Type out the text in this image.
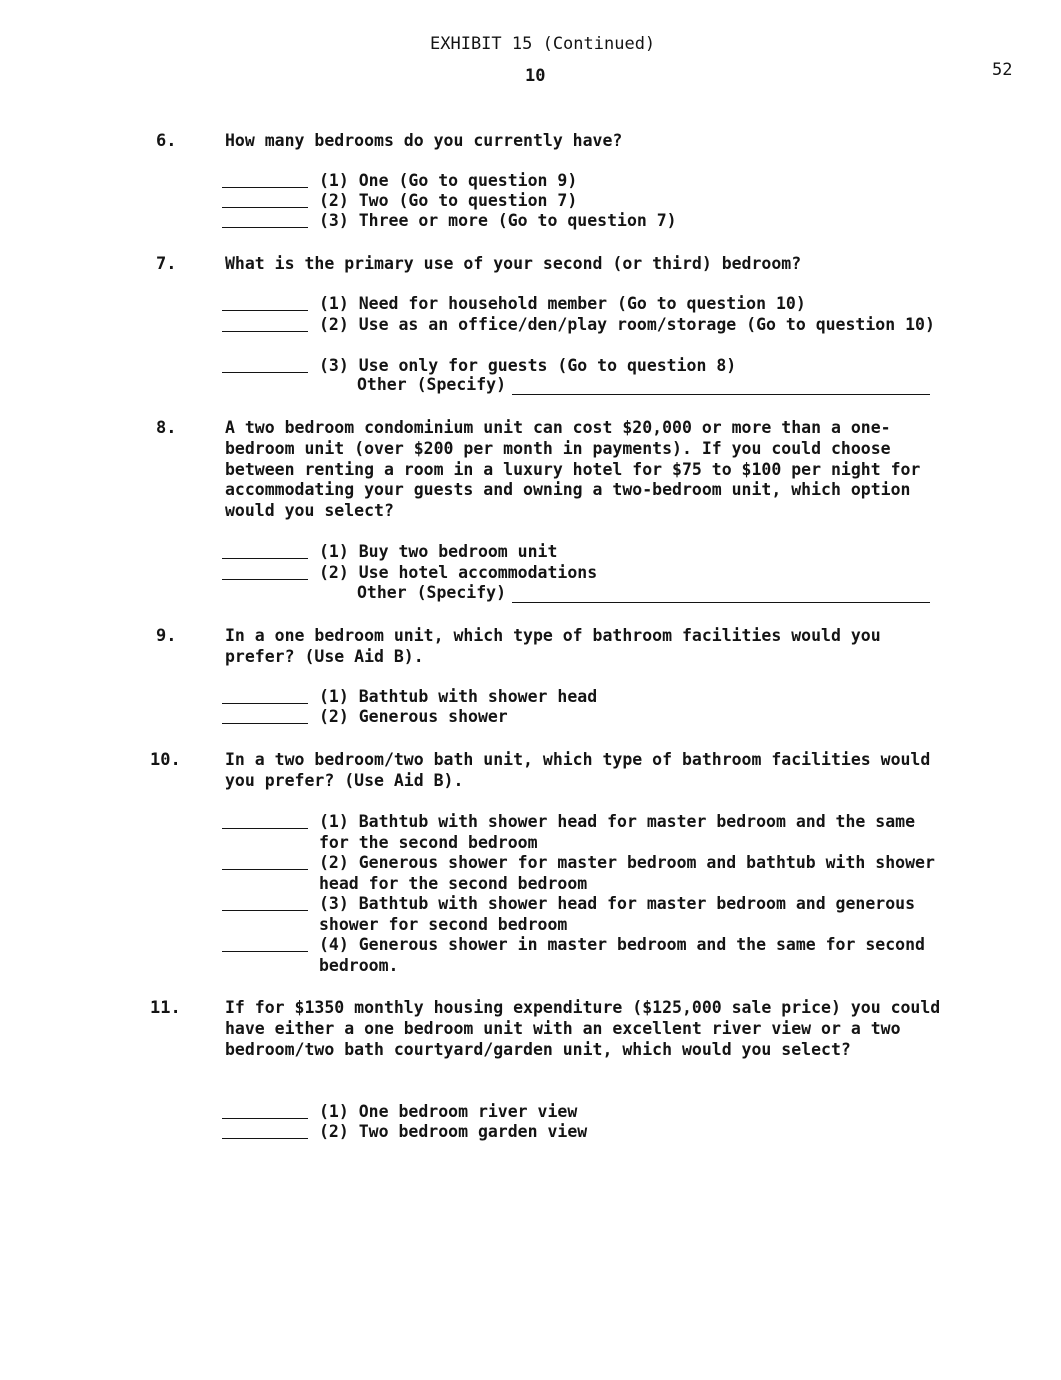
EXHIBIT 15 (Continued)
10	52
6.	How many bedrooms do you currently have?
(1) One (Go to question 9)
(2) Two (Go to question 7)
(3) Three or more (Go to question 7)
7.	What is the primary use of your second (or third) bedroom?
(1) Need for household member (Go to question 10)
(2) Use as an office/den/play room/storage (Go to question 10)
(3) Use only for guests (Go to question 8)
Other (Specify)
8.	A two bedroom condominium unit can cost $20,000 or more than a one-bedroom unit (over $200 per month in payments). If you could choose between renting a room in a luxury hotel for $75 to $100 per night for accommodating your guests and owning a two-bedroom unit, which option would you select?
(1) Buy two bedroom unit
(2) Use hotel accommodations
Other (Specify)
9.	In a one bedroom unit, which type of bathroom facilities would you prefer? (Use Aid B).
(1) Bathtub with shower head
(2) Generous shower
10.	In a two bedroom/two bath unit, which type of bathroom facilities would you prefer? (Use Aid B).
(1) Bathtub with shower head for master bedroom and the same for the second bedroom
(2) Generous shower for master bedroom and bathtub with shower head for the second bedroom
(3) Bathtub with shower head for master bedroom and generous shower for second bedroom
(4) Generous shower in master bedroom and the same for second bedroom.
11.	If for $1350 monthly housing expenditure ($125,000 sale price) you could have either a one bedroom unit with an excellent river view or a two bedroom/two bath courtyard/garden unit, which would you select?
(1) One bedroom river view
(2) Two bedroom garden view
